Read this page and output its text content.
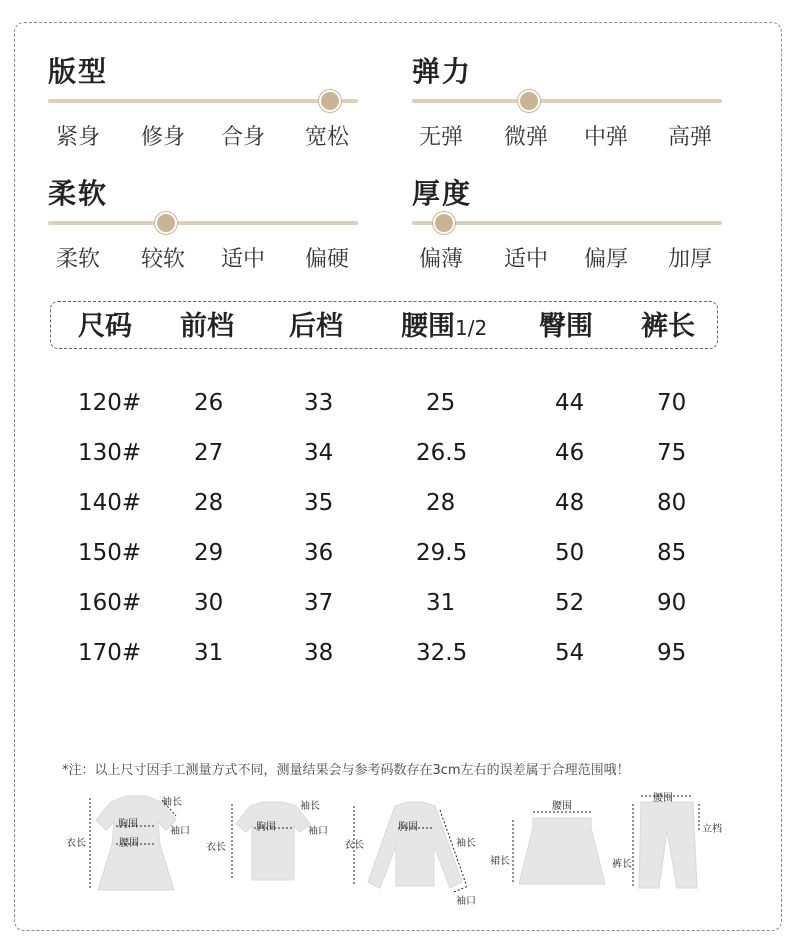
版型
紧身 修身 合身 宽松
弹力
无弹 微弹 中弹 高弹
柔软
柔软 较软 适中 偏硬
厚度
偏薄 适中 偏厚 加厚
尺码 前档 后档 腰围1/2 臀围 裤长
120# 26	33	25	44	70
130# 27	34	26.5	46	75
140# 28	35	28	48	80
150# 29	36	29.5	50	85
160# 30	37	31	52	90
170# 31	38	32.5	54	95
*注：以上尺寸因手工测量方式不同，测量结果会与参考码数存在3cm左右的误差属于合理范围哦！
胸围
袖长
袖口
衣长	腰围
胸围
袖长
袖口
衣长
胸围
袖长
袖口
衣长
腰围
裙长
腰围
立档
裤长
